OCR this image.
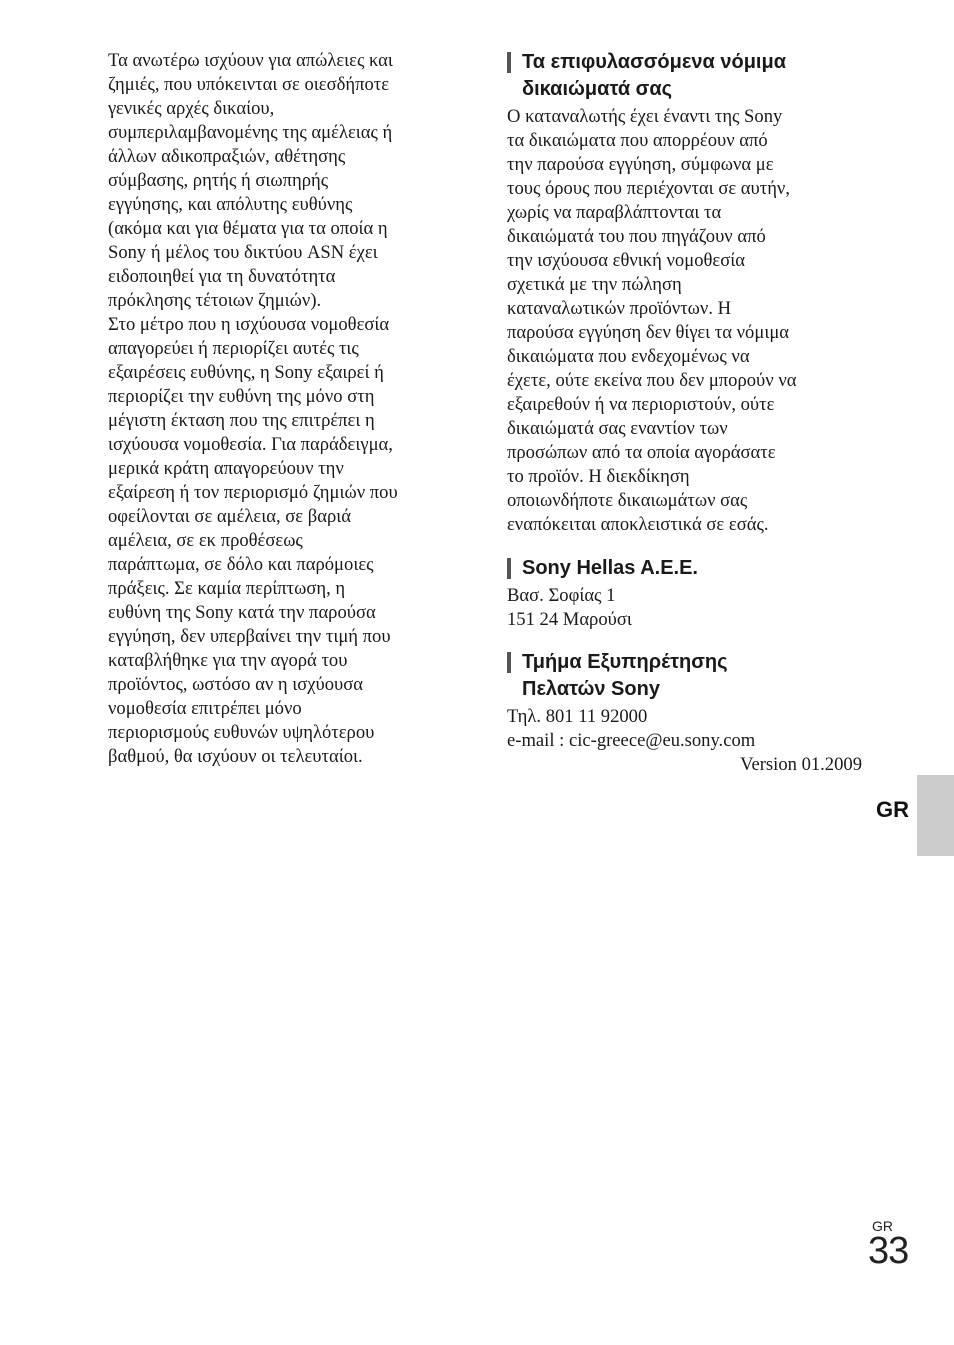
Τα ανωτέρω ισχύουν για απώλειες και
ζημιές, που υπόκεινται σε οιεσδήποτε
γενικές αρχές δικαίου,
συμπεριλαμβανομένης της αμέλειας ή
άλλων αδικοπραξιών, αθέτησης
σύμβασης, ρητής ή σιωπηρής
εγγύησης, και απόλυτης ευθύνης
(ακόμα και για θέματα για τα οποία η
Sony ή μέλος του δικτύου ASN έχει
ειδοποιηθεί για τη δυνατότητα
πρόκλησης τέτοιων ζημιών).
Στο μέτρο που η ισχύουσα νομοθεσία
απαγορεύει ή περιορίζει αυτές τις
εξαιρέσεις ευθύνης, η Sony εξαιρεί ή
περιορίζει την ευθύνη της μόνο στη
μέγιστη έκταση που της επιτρέπει η
ισχύουσα νομοθεσία. Για παράδειγμα,
μερικά κράτη απαγορεύουν την
εξαίρεση ή τον περιορισμό ζημιών που
οφείλονται σε αμέλεια, σε βαριά
αμέλεια, σε εκ προθέσεως
παράπτωμα, σε δόλο και παρόμοιες
πράξεις. Σε καμία περίπτωση, η
ευθύνη της Sony κατά την παρούσα
εγγύηση, δεν υπερβαίνει την τιμή που
καταβλήθηκε για την αγορά του
προϊόντος, ωστόσο αν η ισχύουσα
νομοθεσία επιτρέπει μόνο
περιορισμούς ευθυνών υψηλότερου
βαθμού, θα ισχύουν οι τελευταίοι.
Τα επιφυλασσόμενα νόμιμα
δικαιώματά σας
Ο καταναλωτής έχει έναντι της Sony
τα δικαιώματα που απορρέουν από
την παρούσα εγγύηση, σύμφωνα με
τους όρους που περιέχονται σε αυτήν,
χωρίς να παραβλάπτονται τα
δικαιώματά του που πηγάζουν από
την ισχύουσα εθνική νομοθεσία
σχετικά με την πώληση
καταναλωτικών προϊόντων. Η
παρούσα εγγύηση δεν θίγει τα νόμιμα
δικαιώματα που ενδεχομένως να
έχετε, ούτε εκείνα που δεν μπορούν να
εξαιρεθούν ή να περιοριστούν, ούτε
δικαιώματά σας εναντίον των
προσώπων από τα οποία αγοράσατε
το προϊόν. Η διεκδίκηση
οποιωνδήποτε δικαιωμάτων σας
εναπόκειται αποκλειστικά σε εσάς.
Sony Hellas A.E.E.
Βασ. Σοφίας 1
151 24 Μαρούσι
Τμήμα Εξυπηρέτησης
Πελατών Sony
Τηλ. 801 11 92000
e-mail : cic-greece@eu.sony.com
Version 01.2009
GR
GR
33
